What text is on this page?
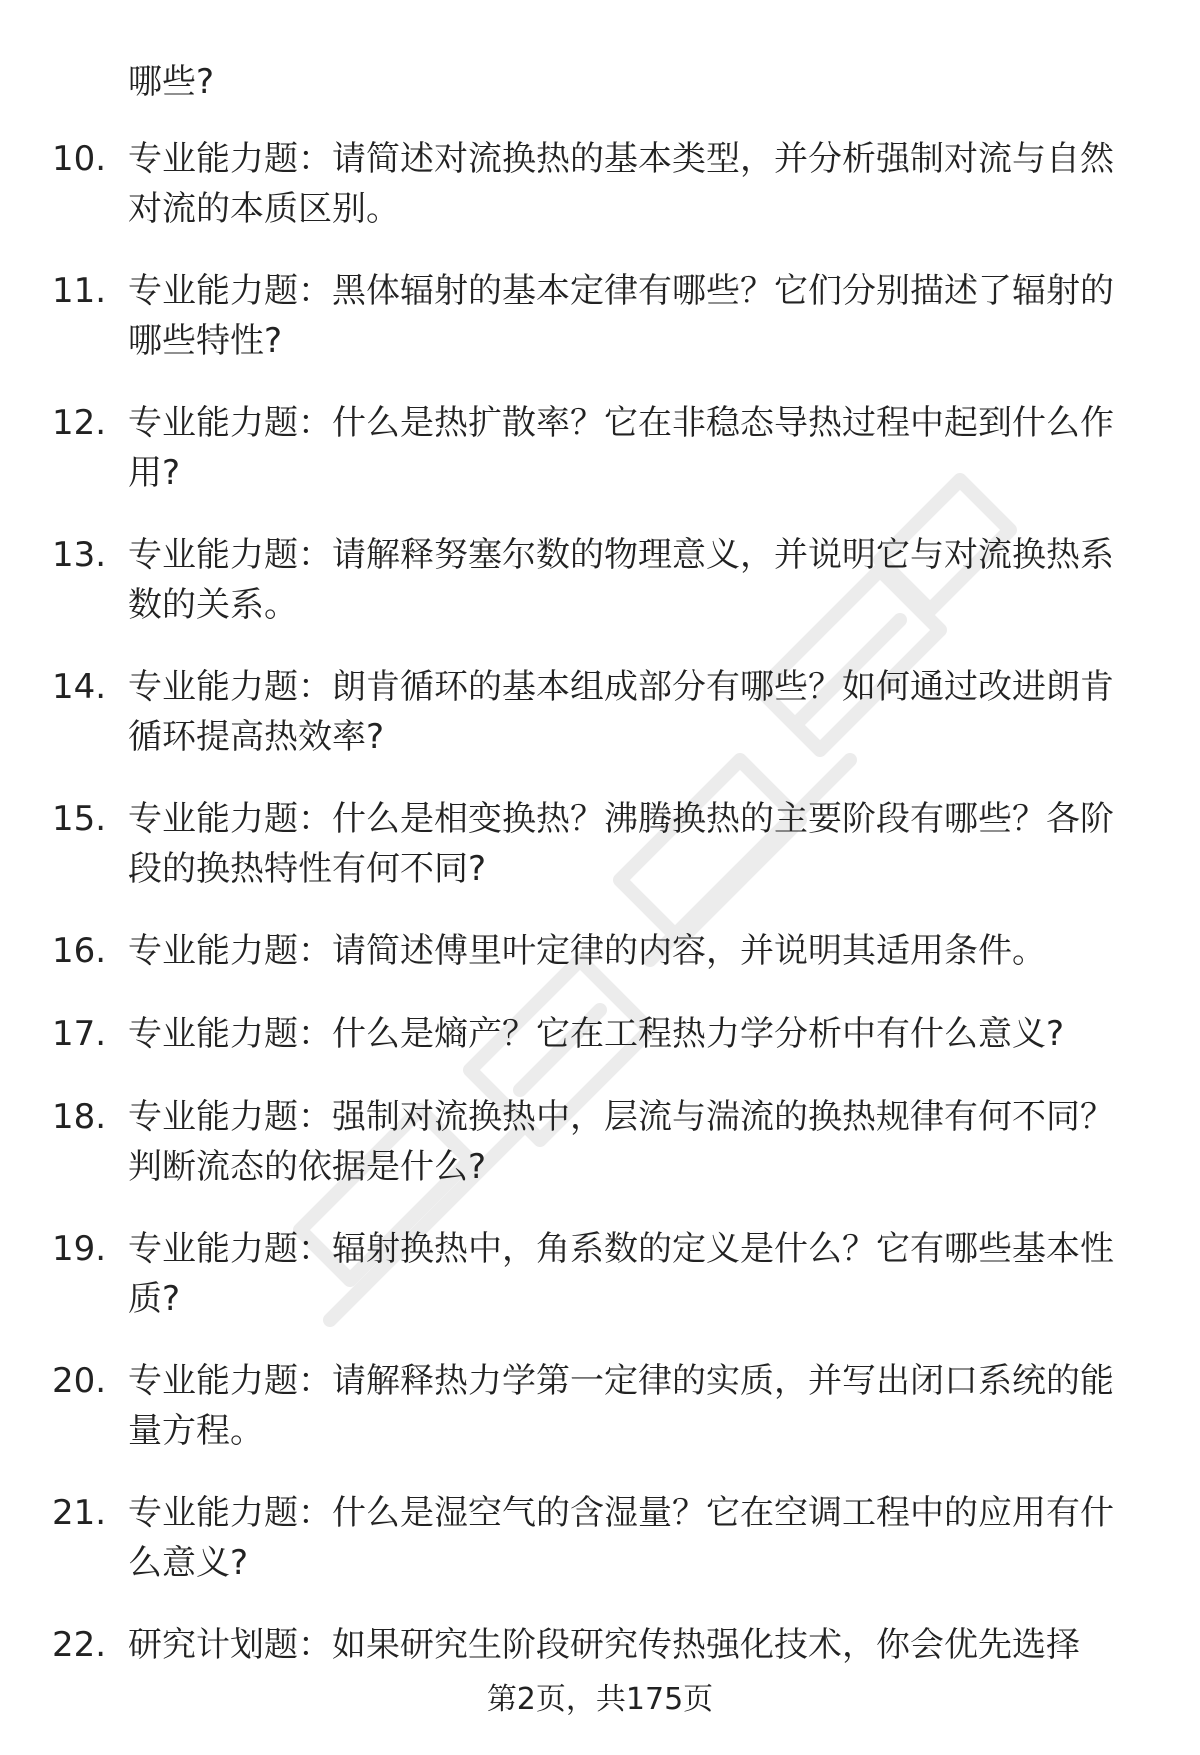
哪些?

10. 专业能力题：请简述对流换热的基本类型，并分析强制对流与自然对流的本质区别。
11. 专业能力题：黑体辐射的基本定律有哪些？它们分别描述了辐射的哪些特性?
12. 专业能力题：什么是热扩散率？它在非稳态导热过程中起到什么作用?
13. 专业能力题：请解释努塞尔数的物理意义，并说明它与对流换热系数的关系。
14. 专业能力题：朗肯循环的基本组成部分有哪些？如何通过改进朗肯循环提高热效率?
15. 专业能力题：什么是相变换热？沸腾换热的主要阶段有哪些？各阶段的换热特性有何不同?
16. 专业能力题：请简述傅里叶定律的内容，并说明其适用条件。
17. 专业能力题：什么是熵产？它在工程热力学分析中有什么意义?
18. 专业能力题：强制对流换热中，层流与湍流的换热规律有何不同？判断流态的依据是什么?
19. 专业能力题：辐射换热中，角系数的定义是什么？它有哪些基本性质?
20. 专业能力题：请解释热力学第一定律的实质，并写出闭口系统的能量方程。
21. 专业能力题：什么是湿空气的含湿量？它在空调工程中的应用有什么意义?
22. 研究计划题：如果研究生阶段研究传热强化技术，你会优先选择
第2页，共175页
